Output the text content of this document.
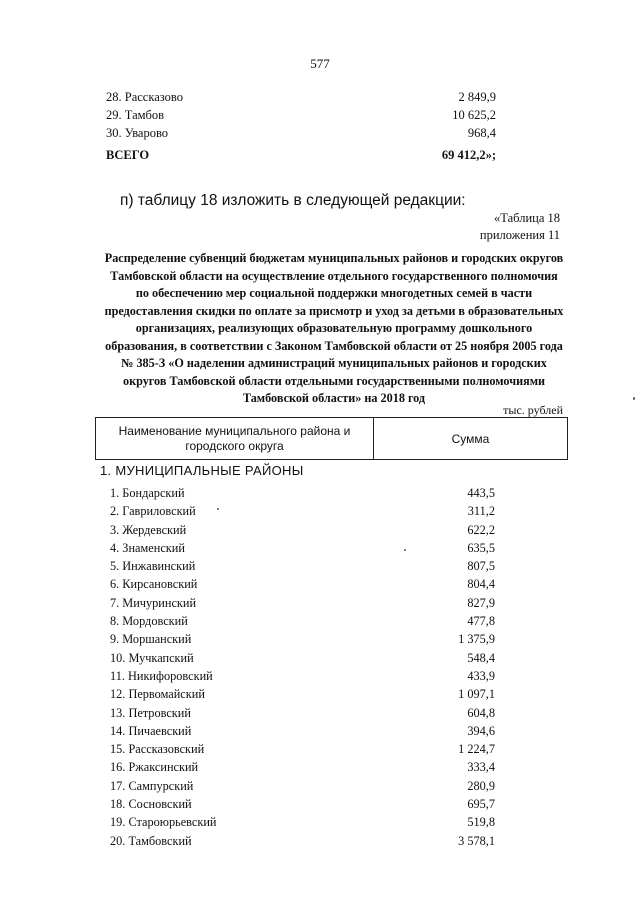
577
28. Рассказово	2 849,9
29. Тамбов	10 625,2
30. Уварово	968,4
ВСЕГО	69 412,2»;
п) таблицу 18 изложить в следующей редакции:
«Таблица 18
приложения 11
Распределение субвенций бюджетам муниципальных районов и городских округов Тамбовской области на осуществление отдельного государственного полномочия по обеспечению мер социальной поддержки многодетных семей в части предоставления скидки по оплате за присмотр и уход за детьми в образовательных организациях, реализующих образовательную программу дошкольного образования, в соответствии с Законом Тамбовской области от 25 ноября 2005 года № 385-З «О наделении администраций муниципальных районов и городских округов Тамбовской области отдельными государственными полномочиями Тамбовской области» на 2018 год
тыс. рублей
Наименование муниципального района и городского округа	Сумма
1. МУНИЦИПАЛЬНЫЕ РАЙОНЫ
1. Бондарский	443,5
2. Гавриловский	311,2
3. Жердевский	622,2
4. Знаменский	635,5
5. Инжавинский	807,5
6. Кирсановский	804,4
7. Мичуринский	827,9
8. Мордовский	477,8
9. Моршанский	1 375,9
10. Мучкапский	548,4
11. Никифоровский	433,9
12. Первомайский	1 097,1
13. Петровский	604,8
14. Пичаевский	394,6
15. Рассказовский	1 224,7
16. Ржаксинский	333,4
17. Сампурский	280,9
18. Сосновский	695,7
19. Староюрьевский	519,8
20. Тамбовский	3 578,1
